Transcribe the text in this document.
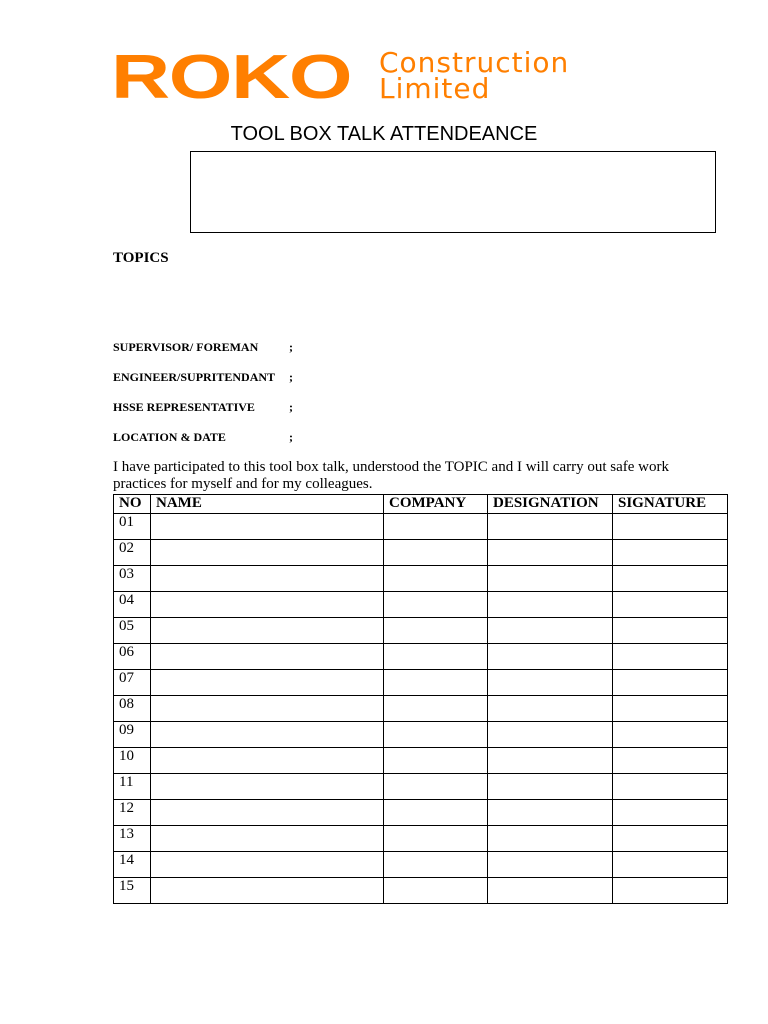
ROKO Construction
Limited
TOOL BOX TALK ATTENDEANCE
TOPICS
SUPERVISOR/ FOREMAN	;
ENGINEER/SUPRITENDANT ;
HSSE REPRESENTATIVE	;
LOCATION & DATE	;
I have participated to this tool box talk, understood the TOPIC and I will carry out safe work practices for myself and for my colleagues.
NO	NAME	COMPANY	DESIGNATION	SIGNATURE
01				
02				
03				
04				
05				
06				
07				
08				
09				
10				
11				
12				
13				
14				
15				
